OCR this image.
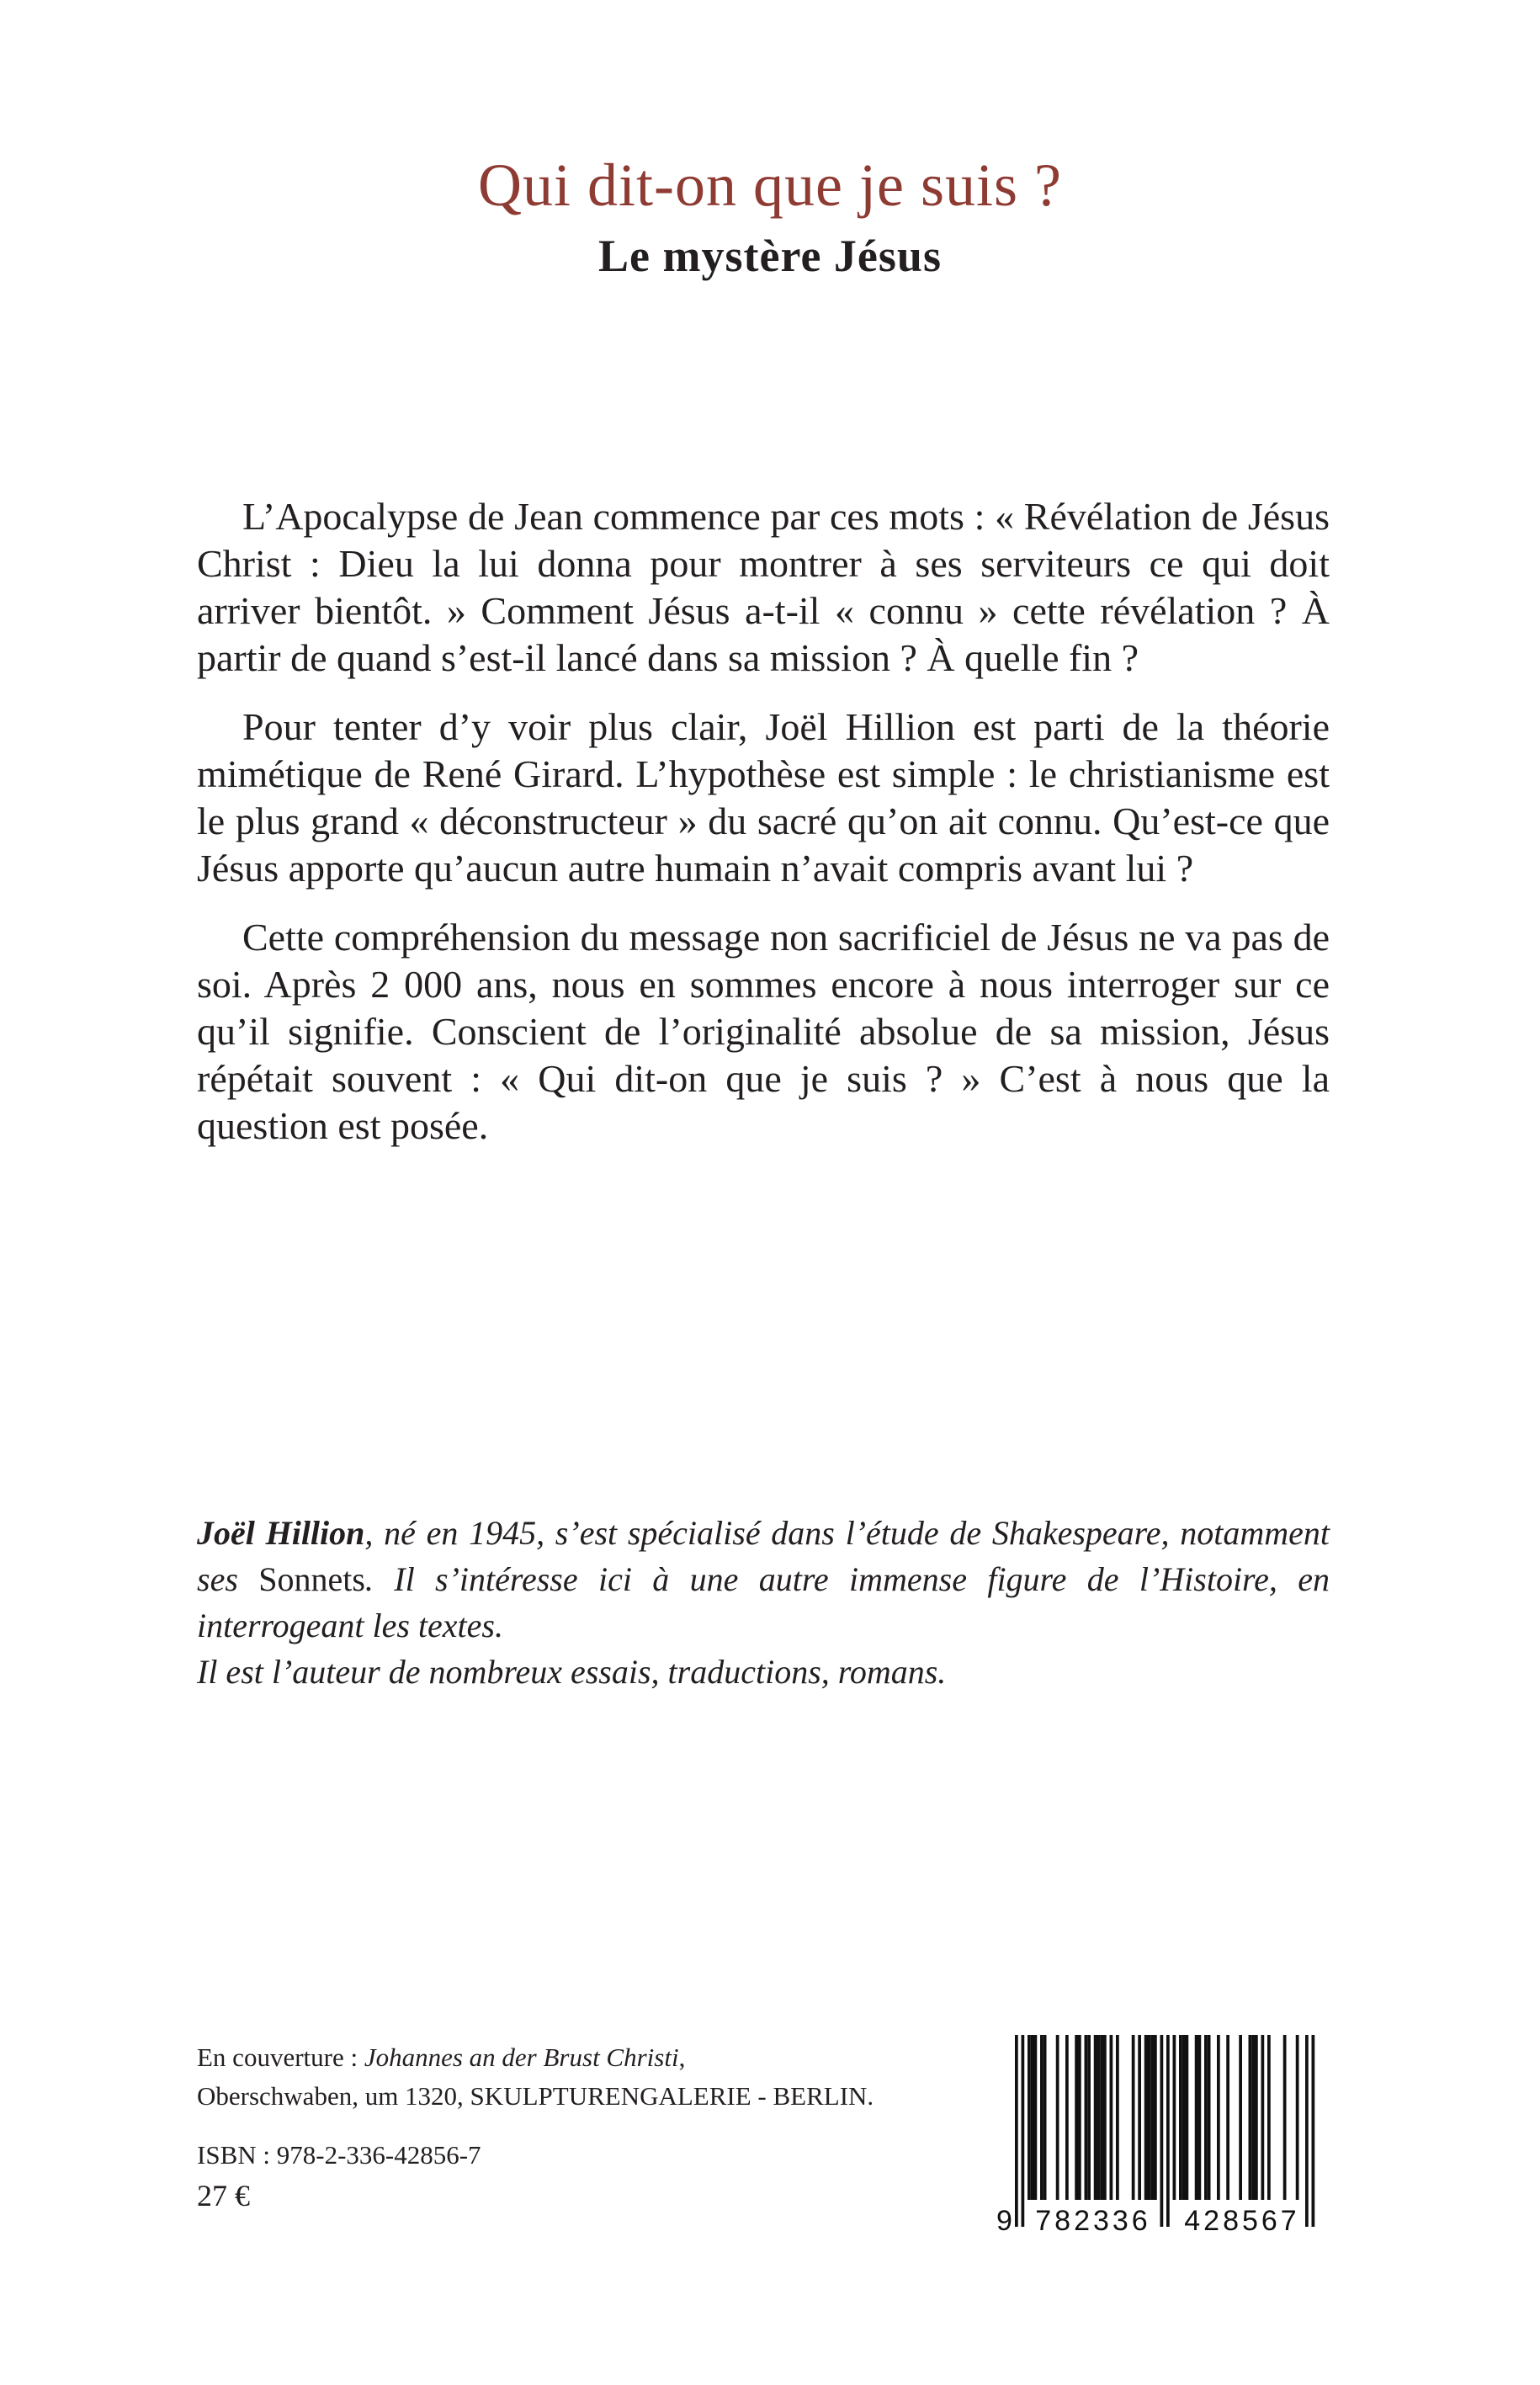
Qui dit-on que je suis ?
Le mystère Jésus

L’Apocalypse de Jean commence par ces mots : « Révélation de Jésus Christ : Dieu la lui donna pour montrer à ses serviteurs ce qui doit arriver bientôt. » Comment Jésus a-t-il « connu » cette révélation ? À partir de quand s’est-il lancé dans sa mission ? À quelle fin ?

Pour tenter d’y voir plus clair, Joël Hillion est parti de la théorie mimétique de René Girard. L’hypothèse est simple : le christianisme est le plus grand « déconstructeur » du sacré qu’on ait connu. Qu’est-ce que Jésus apporte qu’aucun autre humain n’avait compris avant lui ?

Cette compréhension du message non sacrificiel de Jésus ne va pas de soi. Après 2 000 ans, nous en sommes encore à nous interroger sur ce qu’il signifie. Conscient de l’originalité absolue de sa mission, Jésus répétait souvent : « Qui dit-on que je suis ? » C’est à nous que la question est posée.

Joël Hillion, né en 1945, s’est spécialisé dans l’étude de Shakespeare, notamment ses Sonnets. Il s’intéresse ici à une autre immense figure de l’Histoire, en interrogeant les textes.

Il est l’auteur de nombreux essais, traductions, romans.

En couverture : Johannes an der Brust Christi,
Oberschwaben, um 1320, SKULPTURENGALERIE - BERLIN.
ISBN : 978-2-336-42856-7
27 €
9 782336 428567
